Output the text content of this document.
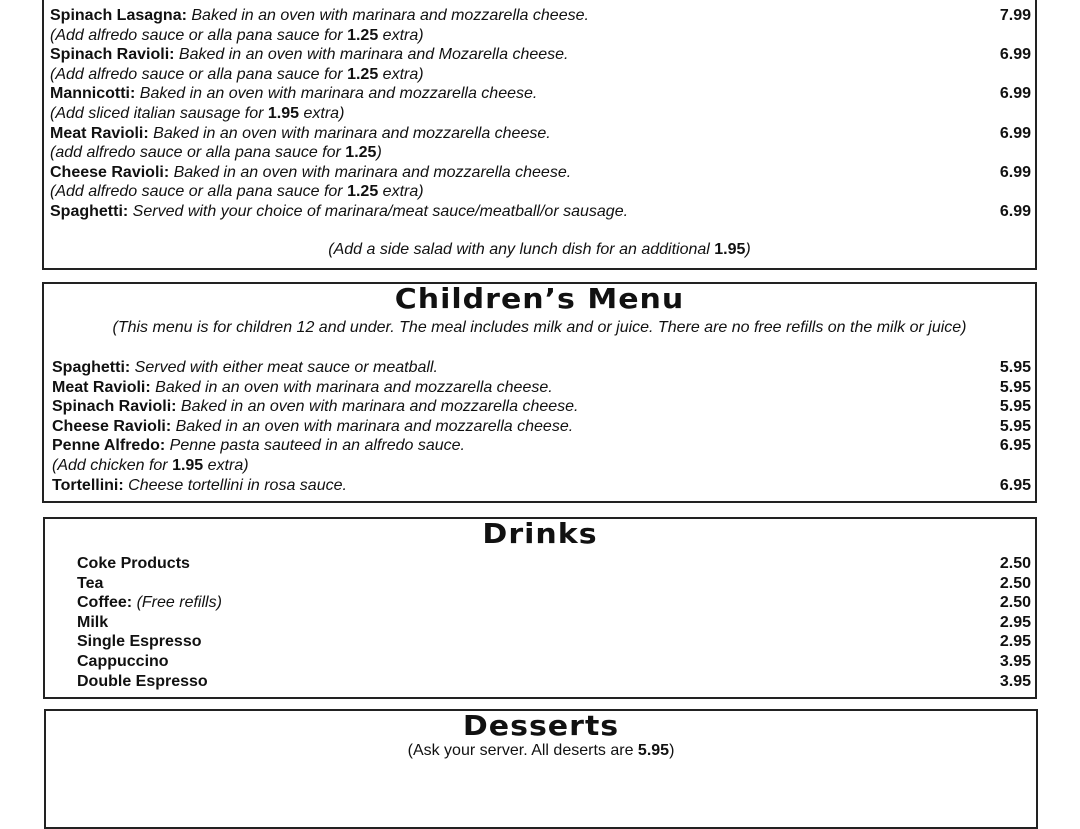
Spinach Lasagna: Baked in an oven with marinara and mozzarella cheese.	7.99
(Add alfredo sauce or alla pana sauce for 1.25 extra)
Spinach Ravioli: Baked in an oven with marinara and Mozarella cheese.	6.99
(Add alfredo sauce or alla pana sauce for 1.25 extra)
Mannicotti: Baked in an oven with marinara and mozzarella cheese.	6.99
(Add sliced italian sausage for 1.95 extra)
Meat Ravioli: Baked in an oven with marinara and mozzarella cheese.	6.99
(add alfredo sauce or alla pana sauce for 1.25)
Cheese Ravioli: Baked in an oven with marinara and mozzarella cheese.	6.99
(Add alfredo sauce or alla pana sauce for 1.25 extra)
Spaghetti: Served with your choice of marinara/meat sauce/meatball/or sausage.	6.99
(Add a side salad with any lunch dish for an additional 1.95)
Children’s Menu
(This menu is for children 12 and under. The meal includes milk and or juice. There are no free refills on the milk or juice)
Spaghetti: Served with either meat sauce or meatball.	5.95
Meat Ravioli: Baked in an oven with marinara and mozzarella cheese.	5.95
Spinach Ravioli: Baked in an oven with marinara and mozzarella cheese.	5.95
Cheese Ravioli: Baked in an oven with marinara and mozzarella cheese.	5.95
Penne Alfredo: Penne pasta sauteed in an alfredo sauce.	6.95
(Add chicken for 1.95 extra)
Tortellini: Cheese tortellini in rosa sauce.	6.95
Drinks
Coke Products	2.50
Tea	2.50
Coffee: (Free refills)	2.50
Milk	2.95
Single Espresso	2.95
Cappuccino	3.95
Double Espresso	3.95
Desserts
(Ask your server. All deserts are 5.95)
